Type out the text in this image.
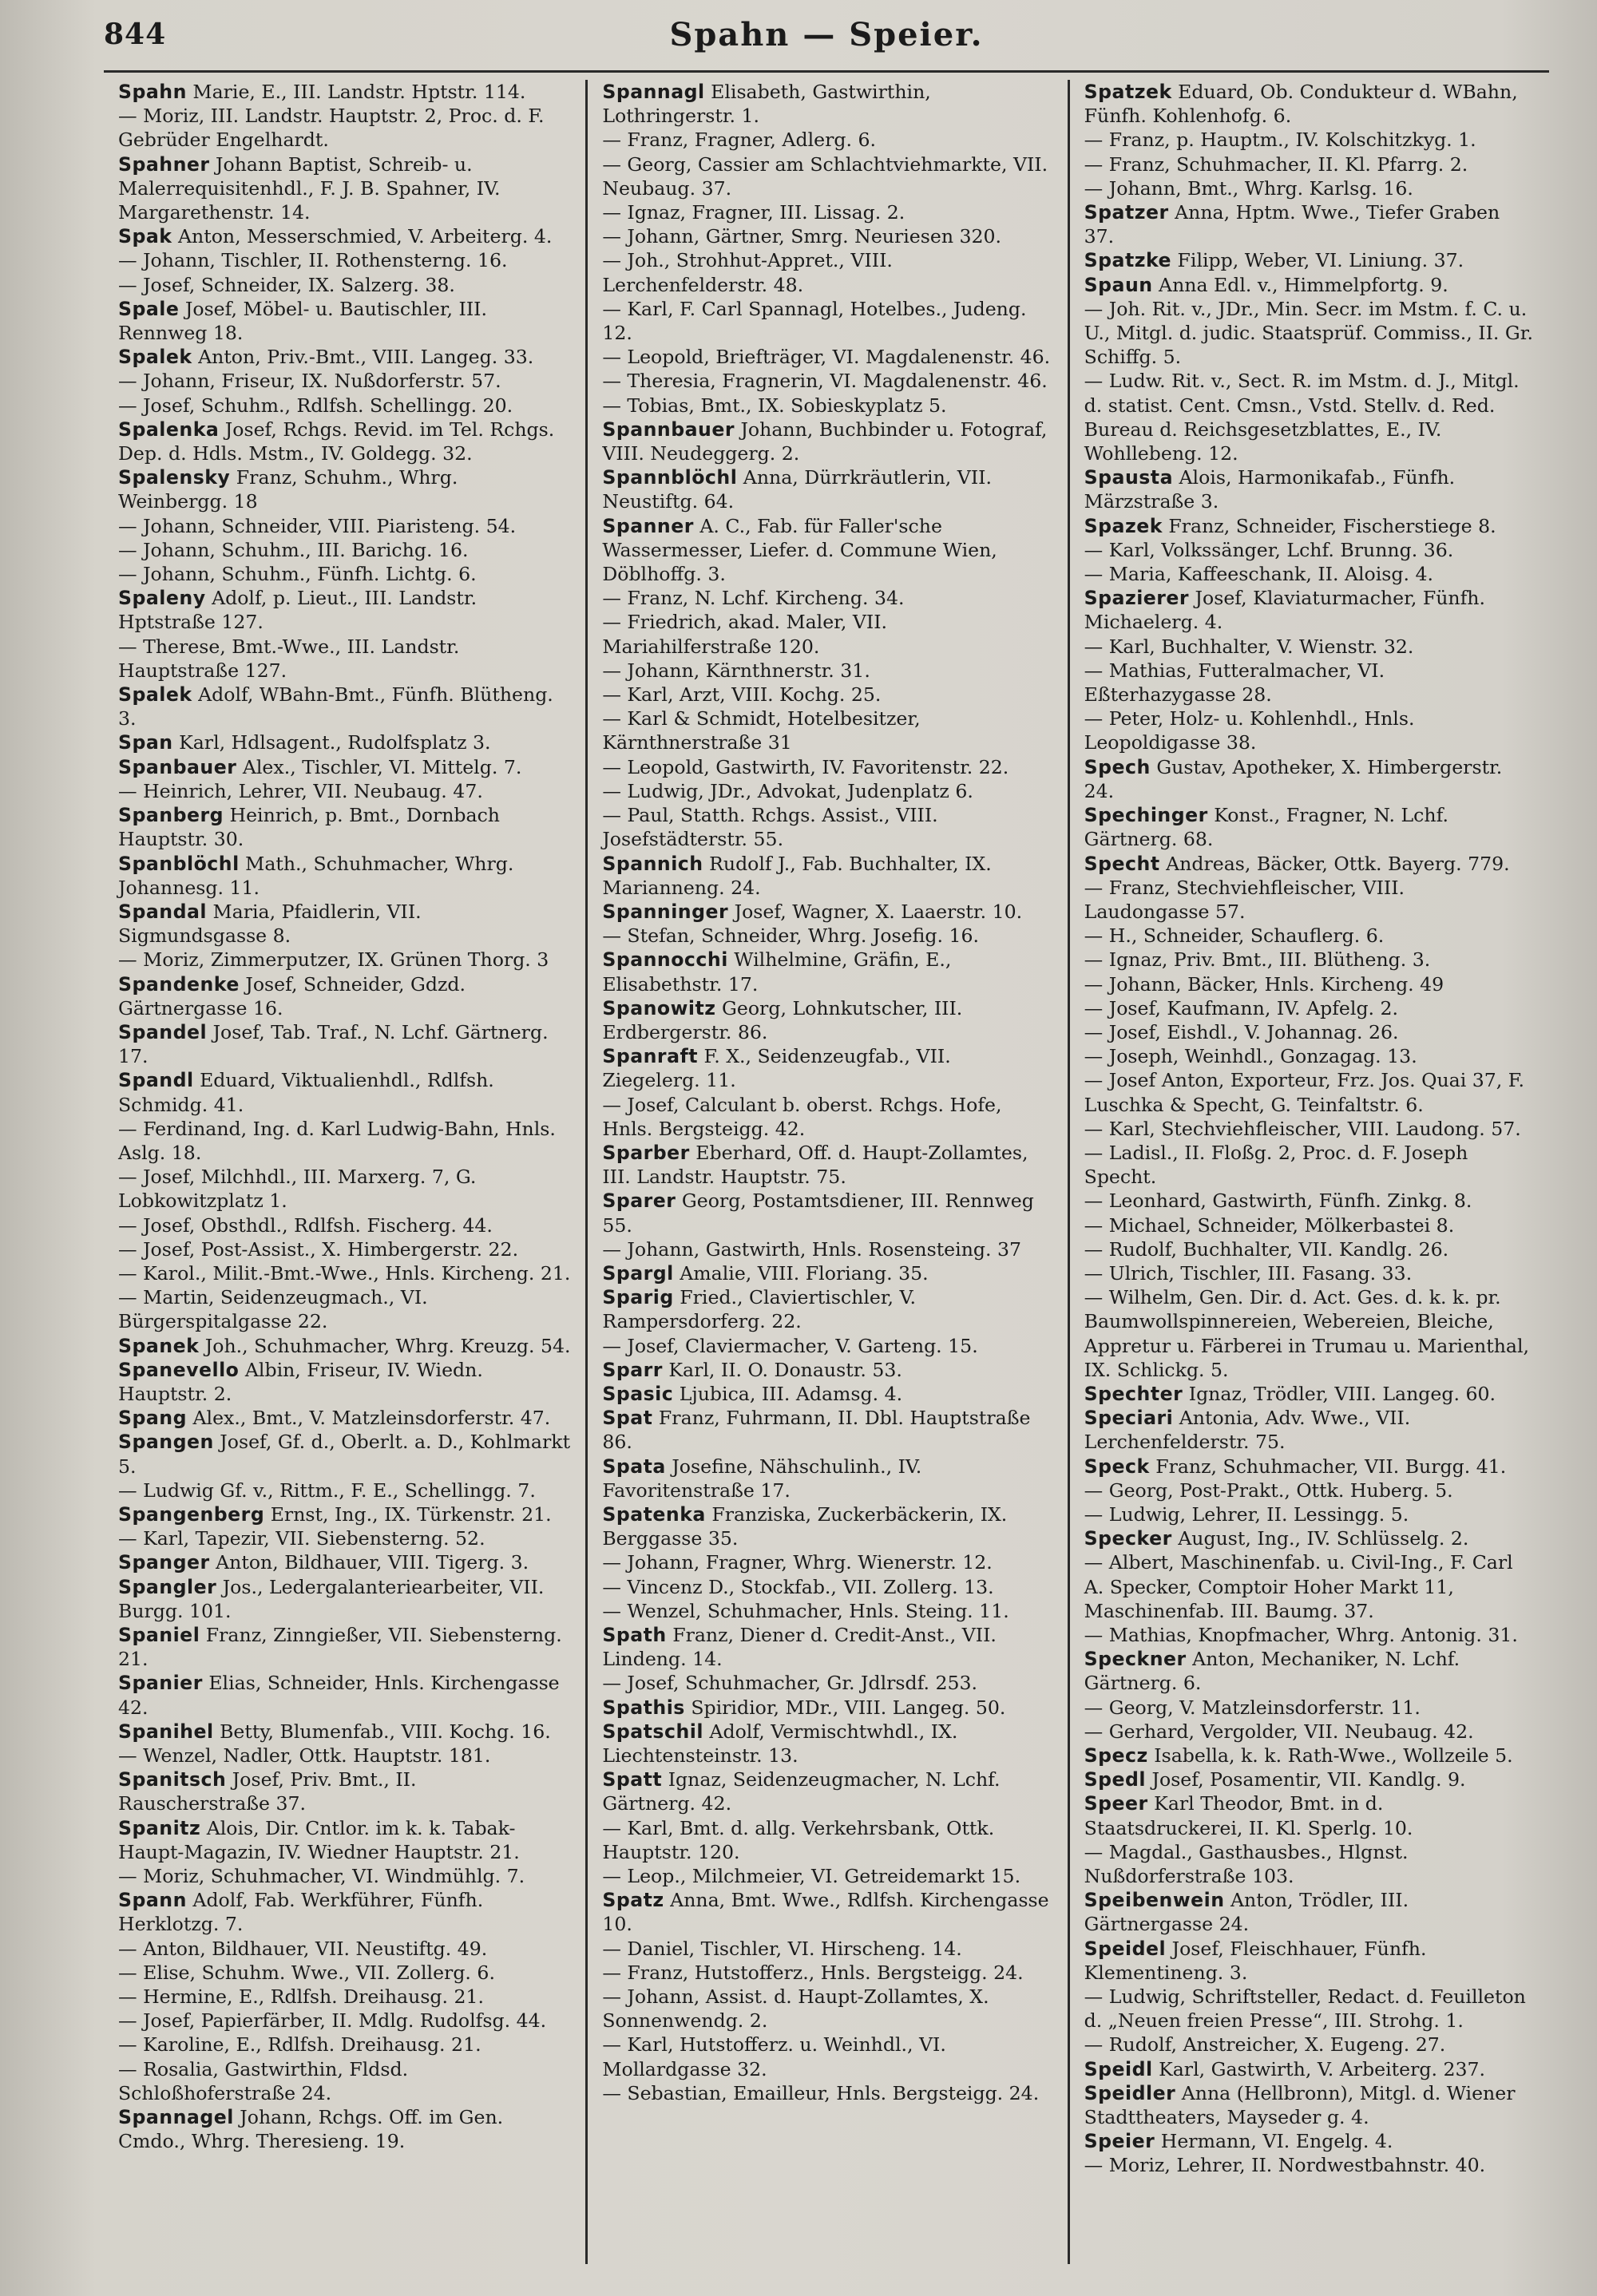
844	Spahn — Speier.

Spahn Marie, E., III. Landstr. Hptstr. 114.

— Moriz, III. Landstr. Hauptstr. 2, Proc. d. F. Gebrüder Engelhardt.

Spahner Johann Baptist, Schreib- u. Malerrequisitenhdl., F. J. B. Spahner, IV. Margarethenstr. 14.

Spak Anton, Messerschmied, V. Arbeiterg. 4.

— Johann, Tischler, II. Rothensterng. 16.

— Josef, Schneider, IX. Salzerg. 38.

Spale Josef, Möbel- u. Bautischler, III. Rennweg 18.

Spalek Anton, Priv.-Bmt., VIII. Langeg. 33.

— Johann, Friseur, IX. Nußdorferstr. 57.

— Josef, Schuhm., Rdlfsh. Schellingg. 20.

Spalenka Josef, Rchgs. Revid. im Tel. Rchgs. Dep. d. Hdls. Mstm., IV. Goldegg. 32.

Spalensky Franz, Schuhm., Whrg. Weinbergg. 18

— Johann, Schneider, VIII. Piaristeng. 54.

— Johann, Schuhm., III. Barichg. 16.

— Johann, Schuhm., Fünfh. Lichtg. 6.

Spaleny Adolf, p. Lieut., III. Landstr. Hptstraße 127.

— Therese, Bmt.-Wwe., III. Landstr. Hauptstraße 127.

Spalek Adolf, WBahn-Bmt., Fünfh. Blütheng. 3.

Span Karl, Hdlsagent., Rudolfsplatz 3.

Spanbauer Alex., Tischler, VI. Mittelg. 7.

— Heinrich, Lehrer, VII. Neubaug. 47.

Spanberg Heinrich, p. Bmt., Dornbach Hauptstr. 30.

Spanblöchl Math., Schuhmacher, Whrg. Johannesg. 11.

Spandal Maria, Pfaidlerin, VII. Sigmundsgasse 8.

— Moriz, Zimmerputzer, IX. Grünen Thorg. 3

Spandenke Josef, Schneider, Gdzd. Gärtnergasse 16.

Spandel Josef, Tab. Traf., N. Lchf. Gärtnerg. 17.

Spandl Eduard, Viktualienhdl., Rdlfsh. Schmidg. 41.

— Ferdinand, Ing. d. Karl Ludwig-Bahn, Hnls. Aslg. 18.

— Josef, Milchhdl., III. Marxerg. 7, G. Lobkowitzplatz 1.

— Josef, Obsthdl., Rdlfsh. Fischerg. 44.

— Josef, Post-Assist., X. Himbergerstr. 22.

— Karol., Milit.-Bmt.-Wwe., Hnls. Kircheng. 21.

— Martin, Seidenzeugmach., VI. Bürgerspitalgasse 22.

Spanek Joh., Schuhmacher, Whrg. Kreuzg. 54.

Spanevello Albin, Friseur, IV. Wiedn. Hauptstr. 2.

Spang Alex., Bmt., V. Matzleinsdorferstr. 47.

Spangen Josef, Gf. d., Oberlt. a. D., Kohlmarkt 5.

— Ludwig Gf. v., Rittm., F. E., Schellingg. 7.

Spangenberg Ernst, Ing., IX. Türkenstr. 21.

— Karl, Tapezir, VII. Siebensterng. 52.

Spanger Anton, Bildhauer, VIII. Tigerg. 3.

Spangler Jos., Ledergalanteriearbeiter, VII. Burgg. 101.

Spaniel Franz, Zinngießer, VII. Siebensterng. 21.

Spanier Elias, Schneider, Hnls. Kirchengasse 42.

Spanihel Betty, Blumenfab., VIII. Kochg. 16.

— Wenzel, Nadler, Ottk. Hauptstr. 181.

Spanitsch Josef, Priv. Bmt., II. Rauscherstraße 37.

Spanitz Alois, Dir. Cntlor. im k. k. Tabak-Haupt-Magazin, IV. Wiedner Hauptstr. 21.

— Moriz, Schuhmacher, VI. Windmühlg. 7.

Spann Adolf, Fab. Werkführer, Fünfh. Herklotzg. 7.

— Anton, Bildhauer, VII. Neustiftg. 49.

— Elise, Schuhm. Wwe., VII. Zollerg. 6.

— Hermine, E., Rdlfsh. Dreihausg. 21.

— Josef, Papierfärber, II. Mdlg. Rudolfsg. 44.

— Karoline, E., Rdlfsh. Dreihausg. 21.

— Rosalia, Gastwirthin, Fldsd. Schloßhoferstraße 24.

Spannagel Johann, Rchgs. Off. im Gen. Cmdo., Whrg. Theresieng. 19.

Spannagl Elisabeth, Gastwirthin, Lothringerstr. 1.

— Franz, Fragner, Adlerg. 6.

— Georg, Cassier am Schlachtviehmarkte, VII. Neubaug. 37.

— Ignaz, Fragner, III. Lissag. 2.

— Johann, Gärtner, Smrg. Neuriesen 320.

— Joh., Strohhut-Appret., VIII. Lerchenfelderstr. 48.

— Karl, F. Carl Spannagl, Hotelbes., Judeng. 12.

— Leopold, Briefträger, VI. Magdalenenstr. 46.

— Theresia, Fragnerin, VI. Magdalenenstr. 46.

— Tobias, Bmt., IX. Sobieskyplatz 5.

Spannbauer Johann, Buchbinder u. Fotograf, VIII. Neudeggerg. 2.

Spannblöchl Anna, Dürrkräutlerin, VII. Neustiftg. 64.

Spanner A. C., Fab. für Faller'sche Wassermesser, Liefer. d. Commune Wien, Döblhoffg. 3.

— Franz, N. Lchf. Kircheng. 34.

— Friedrich, akad. Maler, VII. Mariahilferstraße 120.

— Johann, Kärnthnerstr. 31.

— Karl, Arzt, VIII. Kochg. 25.

— Karl & Schmidt, Hotelbesitzer, Kärnthnerstraße 31

— Leopold, Gastwirth, IV. Favoritenstr. 22.

— Ludwig, JDr., Advokat, Judenplatz 6.

— Paul, Statth. Rchgs. Assist., VIII. Josefstädterstr. 55.

Spannich Rudolf J., Fab. Buchhalter, IX. Marianneng. 24.

Spanninger Josef, Wagner, X. Laaerstr. 10.

— Stefan, Schneider, Whrg. Josefig. 16.

Spannocchi Wilhelmine, Gräfin, E., Elisabethstr. 17.

Spanowitz Georg, Lohnkutscher, III. Erdbergerstr. 86.

Spanraft F. X., Seidenzeugfab., VII. Ziegelerg. 11.

— Josef, Calculant b. oberst. Rchgs. Hofe, Hnls. Bergsteigg. 42.

Sparber Eberhard, Off. d. Haupt-Zollamtes, III. Landstr. Hauptstr. 75.

Sparer Georg, Postamtsdiener, III. Rennweg 55.

— Johann, Gastwirth, Hnls. Rosensteing. 37

Spargl Amalie, VIII. Floriang. 35.

Sparig Fried., Claviertischler, V. Rampersdorferg. 22.

— Josef, Claviermacher, V. Garteng. 15.

Sparr Karl, II. O. Donaustr. 53.

Spasic Ljubica, III. Adamsg. 4.

Spat Franz, Fuhrmann, II. Dbl. Hauptstraße 86.

Spata Josefine, Nähschulinh., IV. Favoritenstraße 17.

Spatenka Franziska, Zuckerbäckerin, IX. Berggasse 35.

— Johann, Fragner, Whrg. Wienerstr. 12.

— Vincenz D., Stockfab., VII. Zollerg. 13.

— Wenzel, Schuhmacher, Hnls. Steing. 11.

Spath Franz, Diener d. Credit-Anst., VII. Lindeng. 14.

— Josef, Schuhmacher, Gr. Jdlrsdf. 253.

Spathis Spiridior, MDr., VIII. Langeg. 50.

Spatschil Adolf, Vermischtwhdl., IX. Liechtensteinstr. 13.

Spatt Ignaz, Seidenzeugmacher, N. Lchf. Gärtnerg. 42.

— Karl, Bmt. d. allg. Verkehrsbank, Ottk. Hauptstr. 120.

— Leop., Milchmeier, VI. Getreidemarkt 15.

Spatz Anna, Bmt. Wwe., Rdlfsh. Kirchengasse 10.

— Daniel, Tischler, VI. Hirscheng. 14.

— Franz, Hutstofferz., Hnls. Bergsteigg. 24.

— Johann, Assist. d. Haupt-Zollamtes, X. Sonnenwendg. 2.

— Karl, Hutstofferz. u. Weinhdl., VI. Mollardgasse 32.

— Sebastian, Emailleur, Hnls. Bergsteigg. 24.

Spatzek Eduard, Ob. Condukteur d. WBahn, Fünfh. Kohlenhofg. 6.

— Franz, p. Hauptm., IV. Kolschitzkyg. 1.

— Franz, Schuhmacher, II. Kl. Pfarrg. 2.

— Johann, Bmt., Whrg. Karlsg. 16.

Spatzer Anna, Hptm. Wwe., Tiefer Graben 37.

Spatzke Filipp, Weber, VI. Liniung. 37.

Spaun Anna Edl. v., Himmelpfortg. 9.

— Joh. Rit. v., JDr., Min. Secr. im Mstm. f. C. u. U., Mitgl. d. judic. Staatsprüf. Commiss., II. Gr. Schiffg. 5.

— Ludw. Rit. v., Sect. R. im Mstm. d. J., Mitgl. d. statist. Cent. Cmsn., Vstd. Stellv. d. Red. Bureau d. Reichsgesetzblattes, E., IV. Wohllebeng. 12.

Spausta Alois, Harmonikafab., Fünfh. Märzstraße 3.

Spazek Franz, Schneider, Fischerstiege 8.

— Karl, Volkssänger, Lchf. Brunng. 36.

— Maria, Kaffeeschank, II. Aloisg. 4.

Spazierer Josef, Klaviaturmacher, Fünfh. Michaelerg. 4.

— Karl, Buchhalter, V. Wienstr. 32.

— Mathias, Futteralmacher, VI. Eßterhazygasse 28.

— Peter, Holz- u. Kohlenhdl., Hnls. Leopoldigasse 38.

Spech Gustav, Apotheker, X. Himbergerstr. 24.

Spechinger Konst., Fragner, N. Lchf. Gärtnerg. 68.

Specht Andreas, Bäcker, Ottk. Bayerg. 779.

— Franz, Stechviehfleischer, VIII. Laudongasse 57.

— H., Schneider, Schauflerg. 6.

— Ignaz, Priv. Bmt., III. Blütheng. 3.

— Johann, Bäcker, Hnls. Kircheng. 49

— Josef, Kaufmann, IV. Apfelg. 2.

— Josef, Eishdl., V. Johannag. 26.

— Joseph, Weinhdl., Gonzagag. 13.

— Josef Anton, Exporteur, Frz. Jos. Quai 37, F. Luschka & Specht, G. Teinfaltstr. 6.

— Karl, Stechviehfleischer, VIII. Laudong. 57.

— Ladisl., II. Floßg. 2, Proc. d. F. Joseph Specht.

— Leonhard, Gastwirth, Fünfh. Zinkg. 8.

— Michael, Schneider, Mölkerbastei 8.

— Rudolf, Buchhalter, VII. Kandlg. 26.

— Ulrich, Tischler, III. Fasang. 33.

— Wilhelm, Gen. Dir. d. Act. Ges. d. k. k. pr. Baumwollspinnereien, Webereien, Bleiche, Appretur u. Färberei in Trumau u. Marienthal, IX. Schlickg. 5.

Spechter Ignaz, Trödler, VIII. Langeg. 60.

Speciari Antonia, Adv. Wwe., VII. Lerchenfelderstr. 75.

Speck Franz, Schuhmacher, VII. Burgg. 41.

— Georg, Post-Prakt., Ottk. Huberg. 5.

— Ludwig, Lehrer, II. Lessingg. 5.

Specker August, Ing., IV. Schlüsselg. 2.

— Albert, Maschinenfab. u. Civil-Ing., F. Carl A. Specker, Comptoir Hoher Markt 11, Maschinenfab. III. Baumg. 37.

— Mathias, Knopfmacher, Whrg. Antonig. 31.

Speckner Anton, Mechaniker, N. Lchf. Gärtnerg. 6.

— Georg, V. Matzleinsdorferstr. 11.

— Gerhard, Vergolder, VII. Neubaug. 42.

Specz Isabella, k. k. Rath-Wwe., Wollzeile 5.

Spedl Josef, Posamentir, VII. Kandlg. 9.

Speer Karl Theodor, Bmt. in d. Staatsdruckerei, II. Kl. Sperlg. 10.

— Magdal., Gasthausbes., Hlgnst. Nußdorferstraße 103.

Speibenwein Anton, Trödler, III. Gärtnergasse 24.

Speidel Josef, Fleischhauer, Fünfh. Klementineng. 3.

— Ludwig, Schriftsteller, Redact. d. Feuilleton d. „Neuen freien Presse“, III. Strohg. 1.

— Rudolf, Anstreicher, X. Eugeng. 27.

Speidl Karl, Gastwirth, V. Arbeiterg. 237.

Speidler Anna (Hellbronn), Mitgl. d. Wiener Stadttheaters, Mayseder g. 4.

Speier Hermann, VI. Engelg. 4.

— Moriz, Lehrer, II. Nordwestbahnstr. 40.
